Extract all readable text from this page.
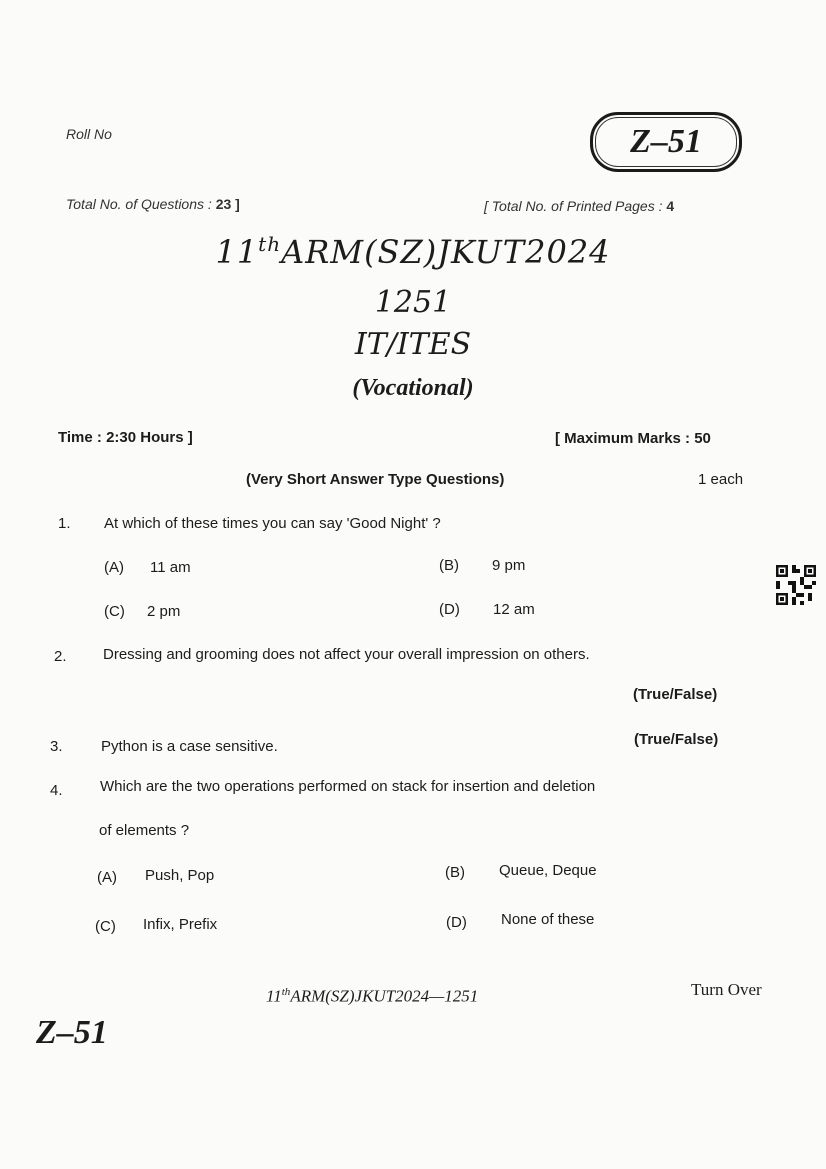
Roll No	Z–51
Total No. of Questions : 23 ]	[ Total No. of Printed Pages : 4
11thARM(SZ)JKUT2024
1251
IT/ITES
(Vocational)
Time : 2:30 Hours ]	[ Maximum Marks : 50
(Very Short Answer Type Questions)	1 each
1. At which of these times you can say 'Good Night' ?
(A) 11 am	(B) 9 pm
(C) 2 pm	(D) 12 am
2. Dressing and grooming does not affect your overall impression on others.
(True/False)
3.	Python is a case sensitive.	(True/False)
4. Which are the two operations performed on stack for insertion and deletion
of elements ?
(A) Push, Pop	(B) Queue, Deque
(C) Infix, Prefix	(D) None of these
11thARM(SZ)JKUT2024—1251	Turn Over
Z–51
